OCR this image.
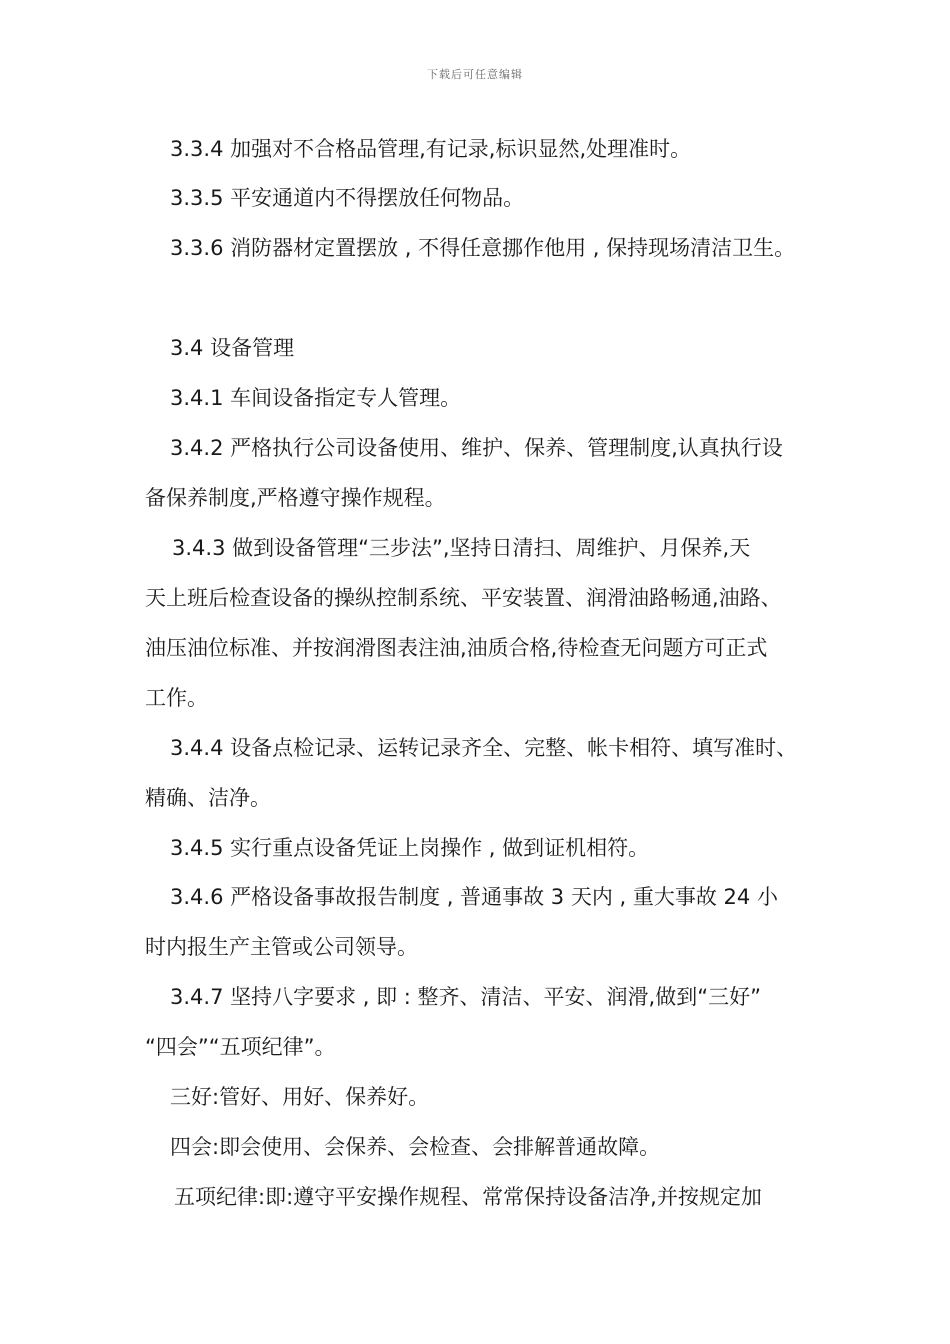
下载后可任意编辑
3.3.4 加强对不合格品管理,有记录,标识显然,处理准时。
3.3.5 平安通道内不得摆放任何物品。
3.3.6 消防器材定置摆放 , 不得任意挪作他用 , 保持现场清洁卫生。
3.4 设备管理
3.4.1 车间设备指定专人管理。
3.4.2 严格执行公司设备使用、维护、保养、管理制度,认真执行设
备保养制度,严格遵守操作规程。
3.4.3 做到设备管理“三步法”,坚持日清扫、周维护、月保养,天
天上班后检查设备的操纵控制系统、平安装置、润滑油路畅通,油路、
油压油位标准、并按润滑图表注油,油质合格,待检查无问题方可正式
工作。
3.4.4 设备点检记录、运转记录齐全、完整、帐卡相符、填写准时、
精确、洁净。
3.4.5 实行重点设备凭证上岗操作 , 做到证机相符。
3.4.6 严格设备事故报告制度 , 普通事故 3 天内 , 重大事故 24 小
时内报生产主管或公司领导。
3.4.7 坚持八字要求 , 即 : 整齐、清洁、平安、润滑,做到“三好”
“四会”“五项纪律”。
三好:管好、用好、保养好。
四会:即会使用、会保养、会检查、会排解普通故障。
五项纪律:即:遵守平安操作规程、常常保持设备洁净,并按规定加
